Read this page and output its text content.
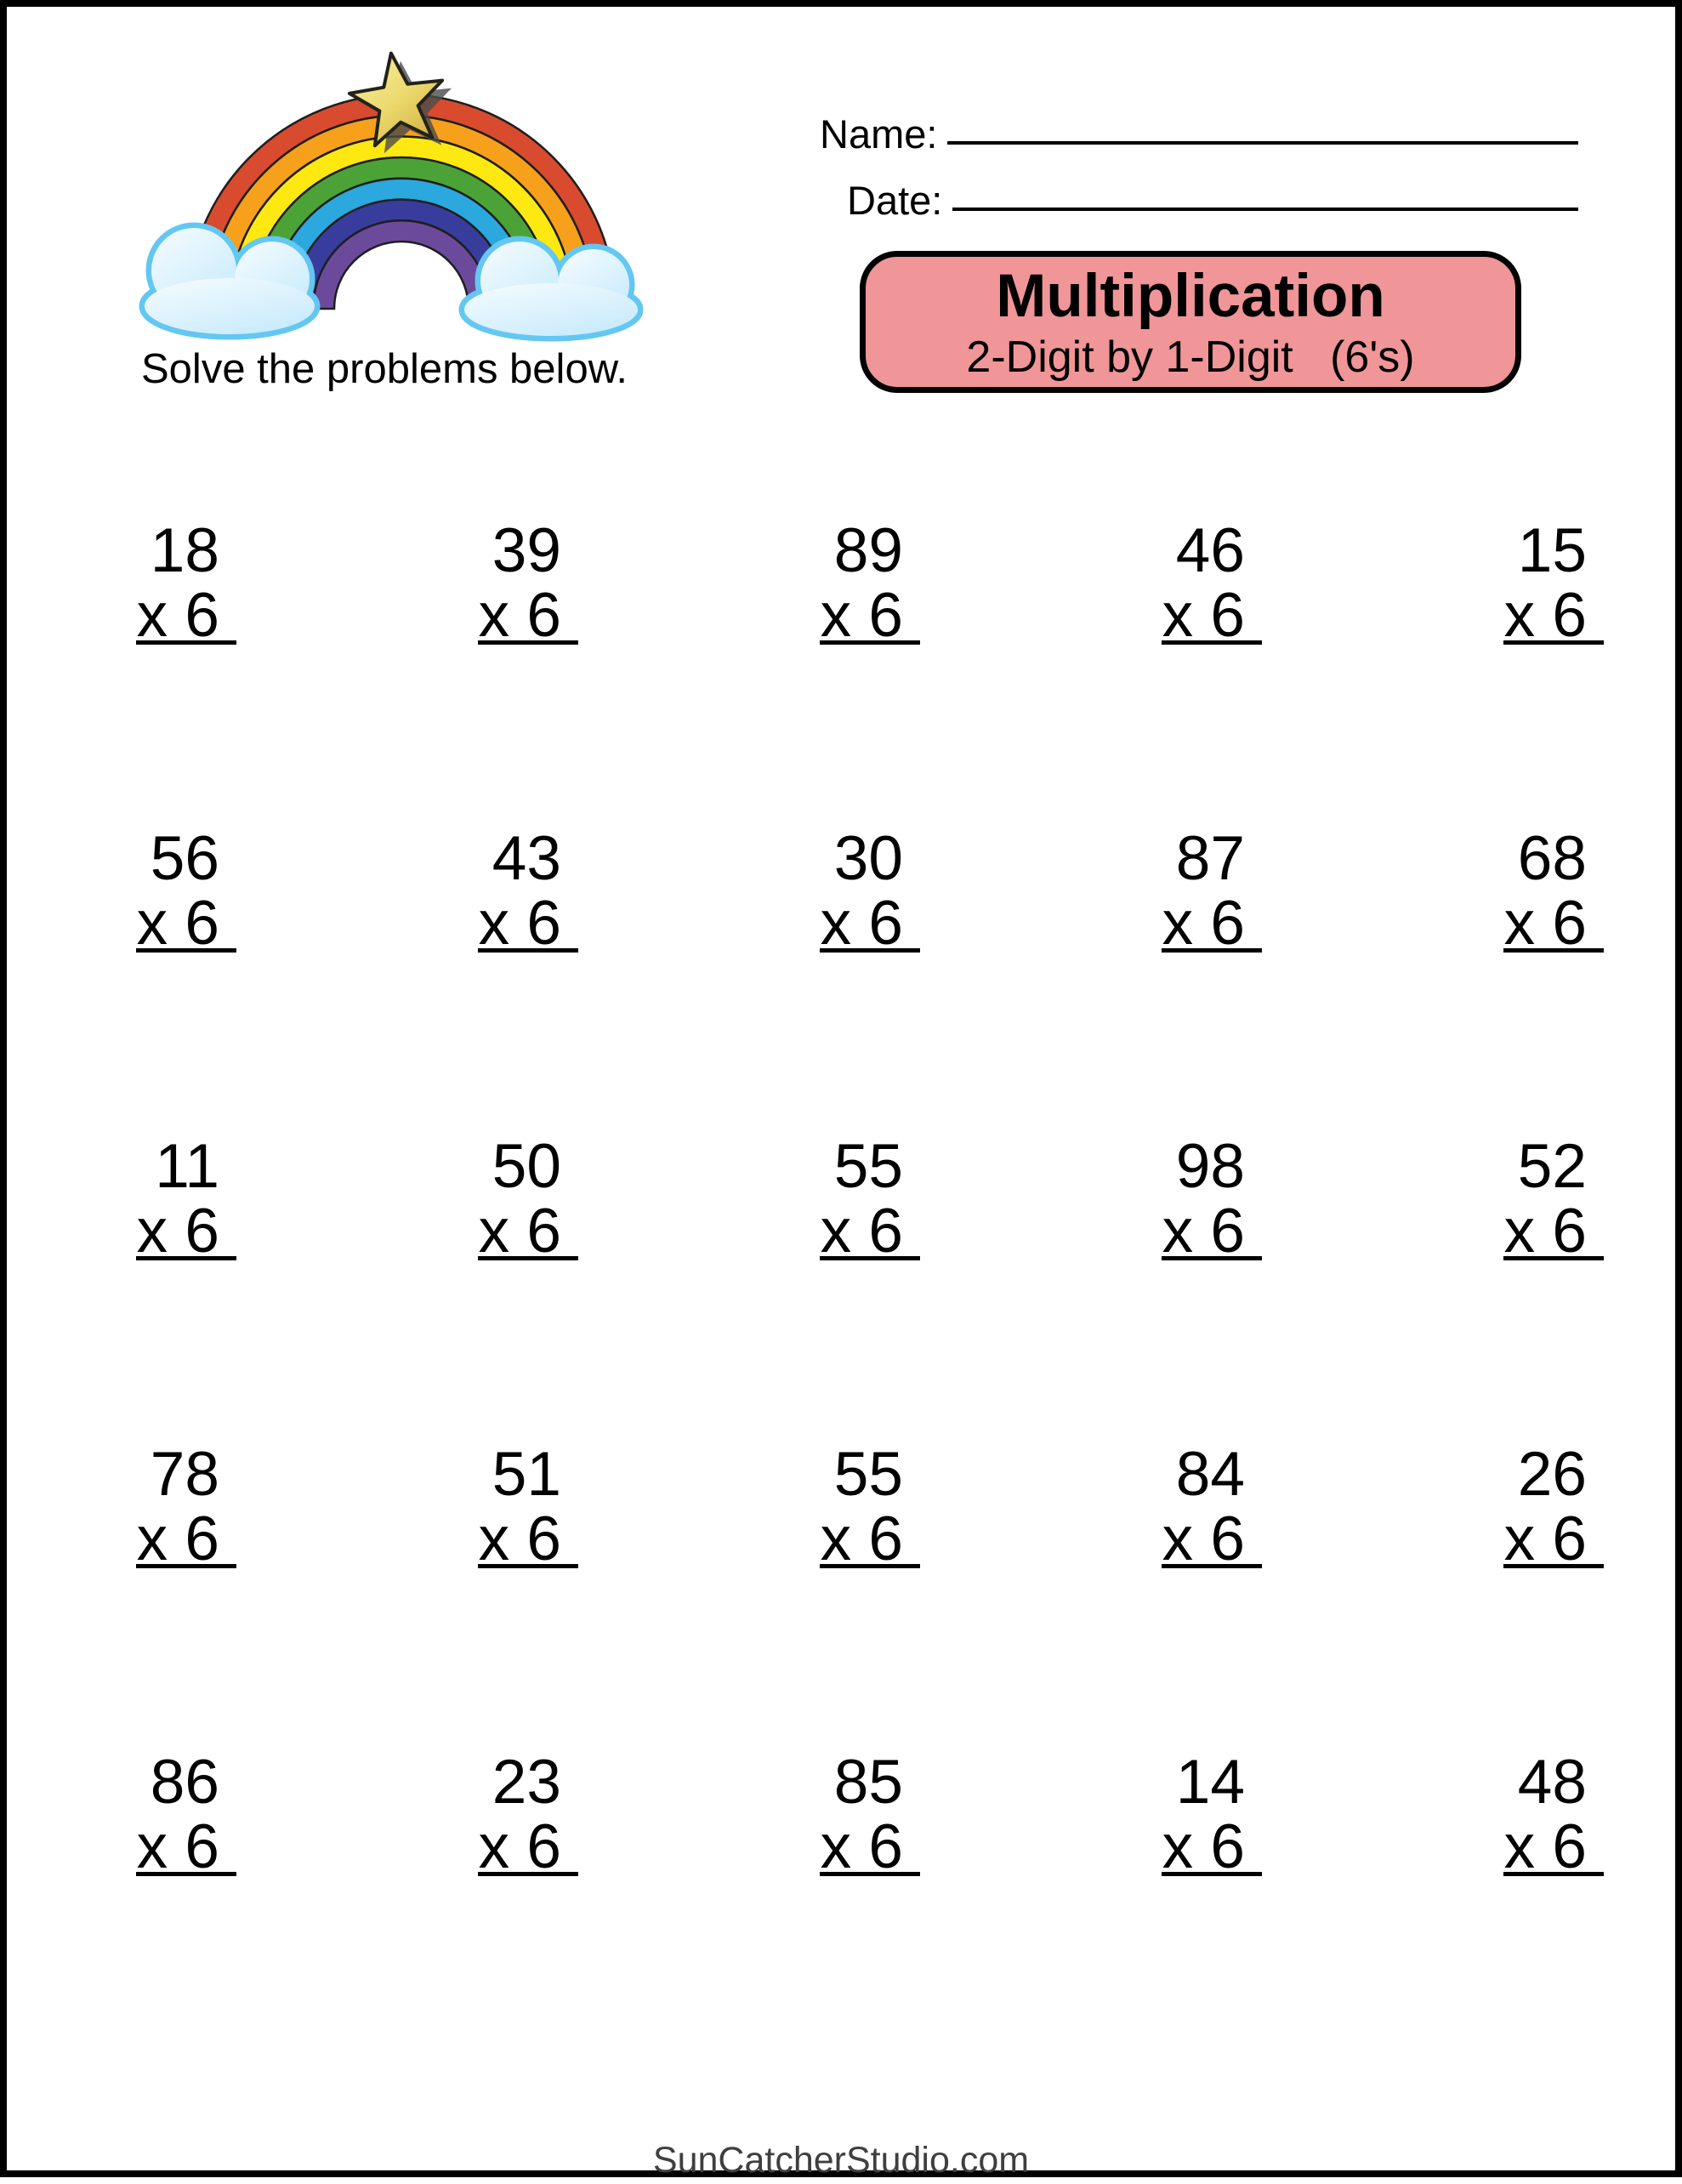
Solve the problems below.
Name:
Date:
Multiplication
2-Digit by 1-Digit   (6's)
18
x 6
39
x 6
89
x 6
46
x 6
15
x 6
56
x 6
43
x 6
30
x 6
87
x 6
68
x 6
11
x 6
50
x 6
55
x 6
98
x 6
52
x 6
78
x 6
51
x 6
55
x 6
84
x 6
26
x 6
86
x 6
23
x 6
85
x 6
14
x 6
48
x 6
SunCatcherStudio.com
